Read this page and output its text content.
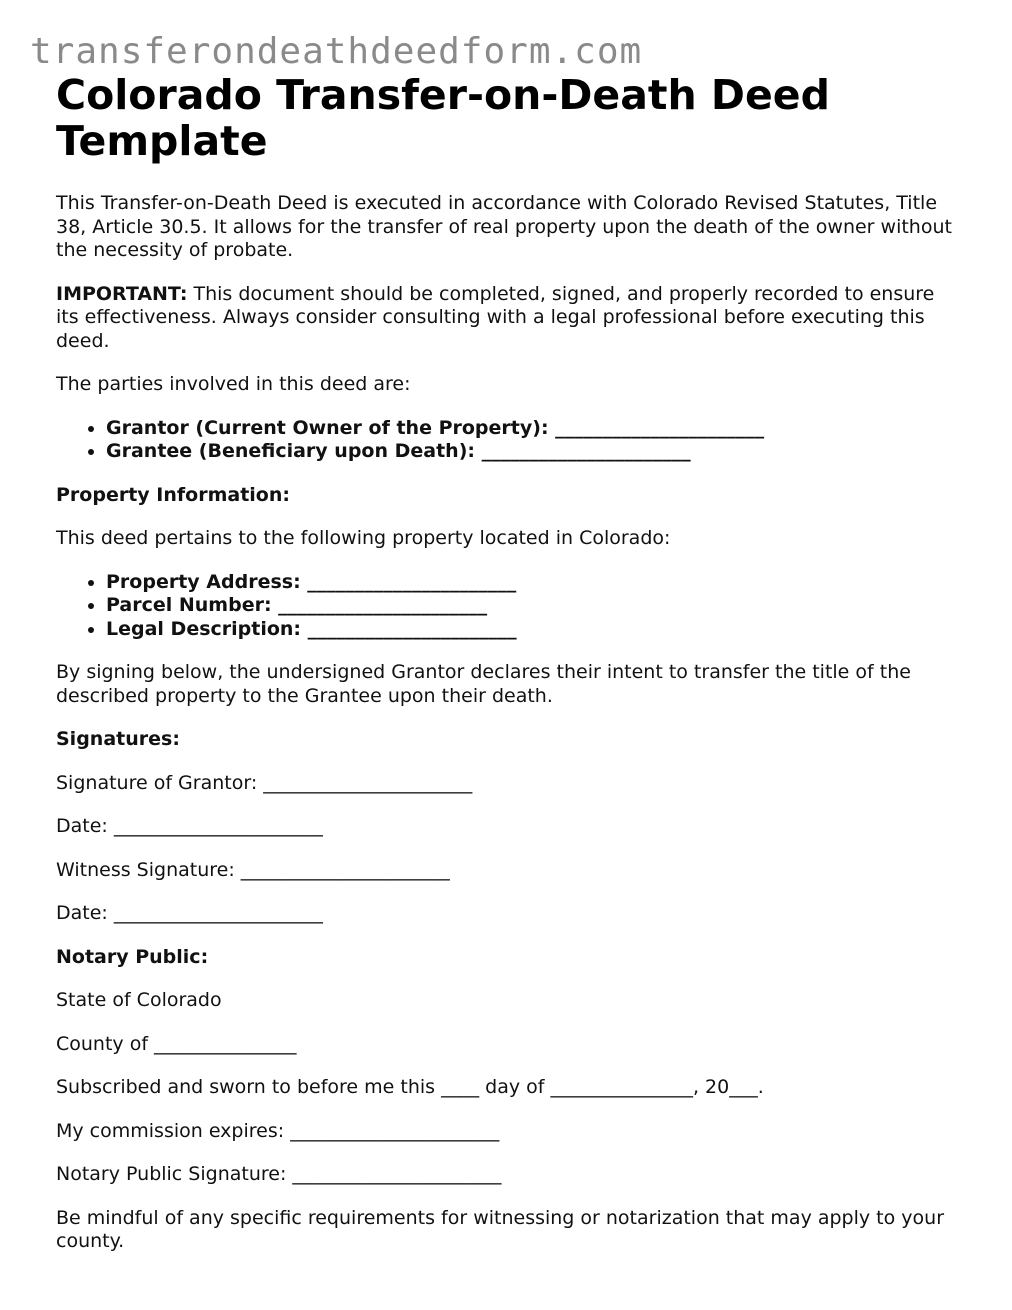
transferondeathdeedform.com
Colorado Transfer-on-Death Deed Template

This Transfer-on-Death Deed is executed in accordance with Colorado Revised Statutes, Title 38, Article 30.5. It allows for the transfer of real property upon the death of the owner without the necessity of probate.

IMPORTANT: This document should be completed, signed, and properly recorded to ensure its effectiveness. Always consider consulting with a legal professional before executing this deed.

The parties involved in this deed are:

• Grantor (Current Owner of the Property): ______________________
• Grantee (Beneficiary upon Death): ______________________

Property Information:

This deed pertains to the following property located in Colorado:

• Property Address: ______________________
• Parcel Number: ______________________
• Legal Description: ______________________

By signing below, the undersigned Grantor declares their intent to transfer the title of the described property to the Grantee upon their death.

Signatures:

Signature of Grantor: ______________________

Date: ______________________

Witness Signature: ______________________

Date: ______________________

Notary Public:

State of Colorado

County of _______________

Subscribed and sworn to before me this ____ day of _______________, 20___.

My commission expires: ______________________

Notary Public Signature: ______________________

Be mindful of any specific requirements for witnessing or notarization that may apply to your county.
